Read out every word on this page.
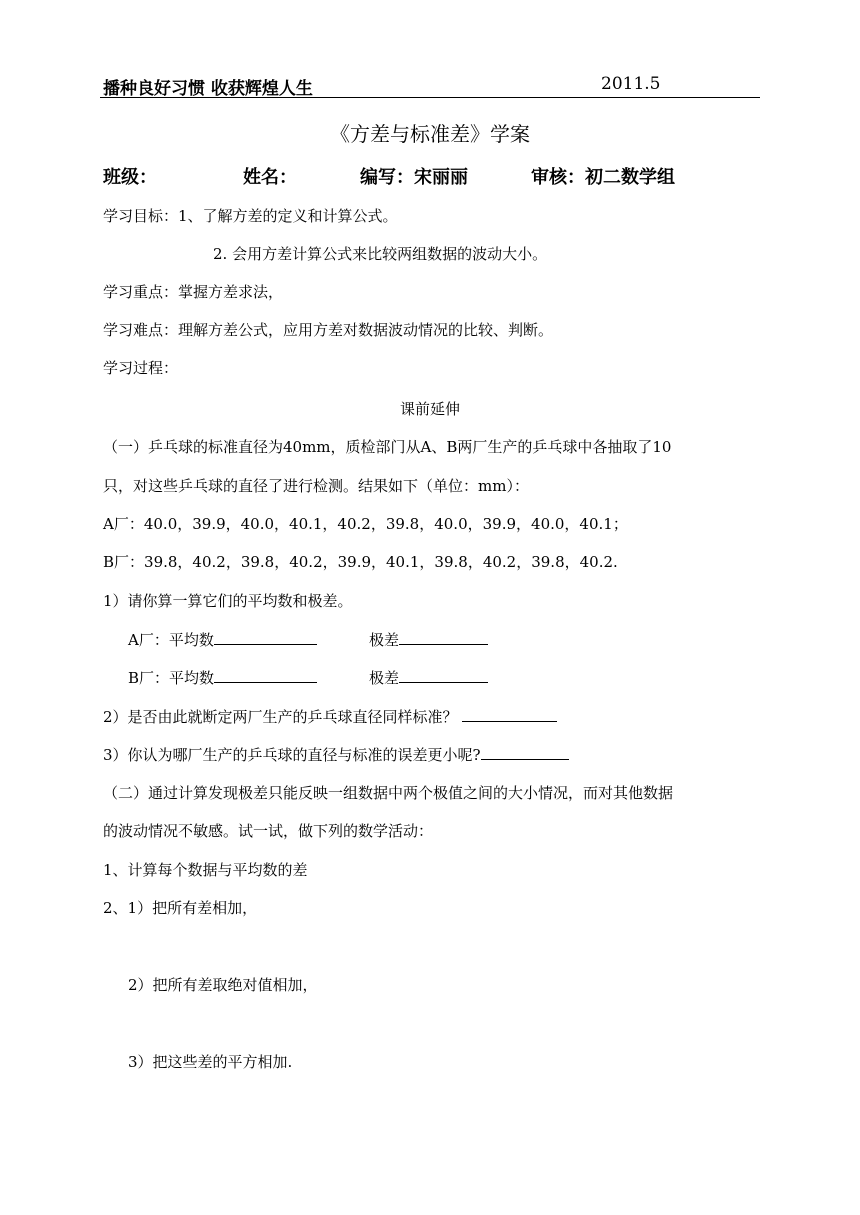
播种良好习惯 收获辉煌人生	2011.5
《方差与标准差》学案
班级：	姓名：	编写：宋丽丽	审核：初二数学组
学习目标：1、了解方差的定义和计算公式。
2. 会用方差计算公式来比较两组数据的波动大小。
学习重点：掌握方差求法，
学习难点：理解方差公式，应用方差对数据波动情况的比较、判断。
学习过程：
课前延伸
（一）乒乓球的标准直径为40mm，质检部门从A、B两厂生产的乒乓球中各抽取了10
只，对这些乒乓球的直径了进行检测。结果如下（单位：mm）：
A厂：40.0，39.9，40.0，40.1，40.2，39.8，40.0，39.9，40.0，40.1；
B厂：39.8，40.2，39.8，40.2，39.9，40.1，39.8，40.2，39.8，40.2.
1）请你算一算它们的平均数和极差。
A厂：平均数	极差
B厂：平均数	极差
2）是否由此就断定两厂生产的乒乓球直径同样标准？
3）你认为哪厂生产的乒乓球的直径与标准的误差更小呢?
（二）通过计算发现极差只能反映一组数据中两个极值之间的大小情况，而对其他数据
的波动情况不敏感。试一试，做下列的数学活动：
1、计算每个数据与平均数的差
2、1）把所有差相加，
2）把所有差取绝对值相加，
3）把这些差的平方相加.
